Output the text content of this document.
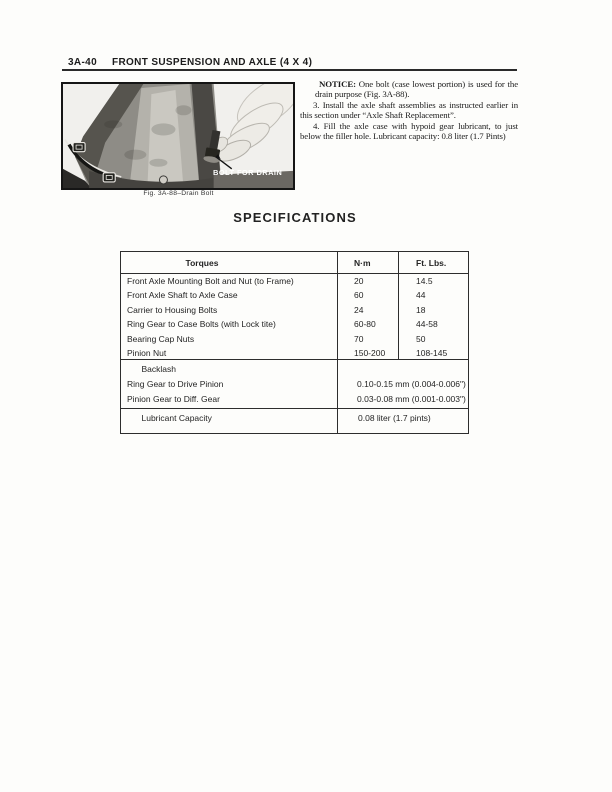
3A-40 FRONT SUSPENSION AND AXLE (4 X 4)
BOLT FOR DRAIN
Fig. 3A-88–Drain Bolt

NOTICE: One bolt (case lowest portion) is used for the drain purpose (Fig. 3A-88).

3. Install the axle shaft assemblies as instructed earlier in this section under “Axle Shaft Replacement”.

4. Fill the axle case with hypoid gear lubricant, to just below the filler hole. Lubricant capacity: 0.8 liter (1.7 Pints)

SPECIFICATIONS
Torques	N·m	Ft. Lbs.
Front Axle Mounting Bolt and Nut (to Frame)	20	14.5
Front Axle Shaft to Axle Case	60	44
Carrier to Housing Bolts	24	18
Ring Gear to Case Bolts (with Lock tite)	60-80	44-58
Bearing Cap Nuts	70	50
Pinion Nut	150-200	108-145
Backlash
Ring Gear to Drive Pinion	0.10-0.15 mm (0.004-0.006")
Pinion Gear to Diff. Gear	0.03-0.08 mm (0.001-0.003")
Lubricant Capacity	0.08 liter (1.7 pints)
